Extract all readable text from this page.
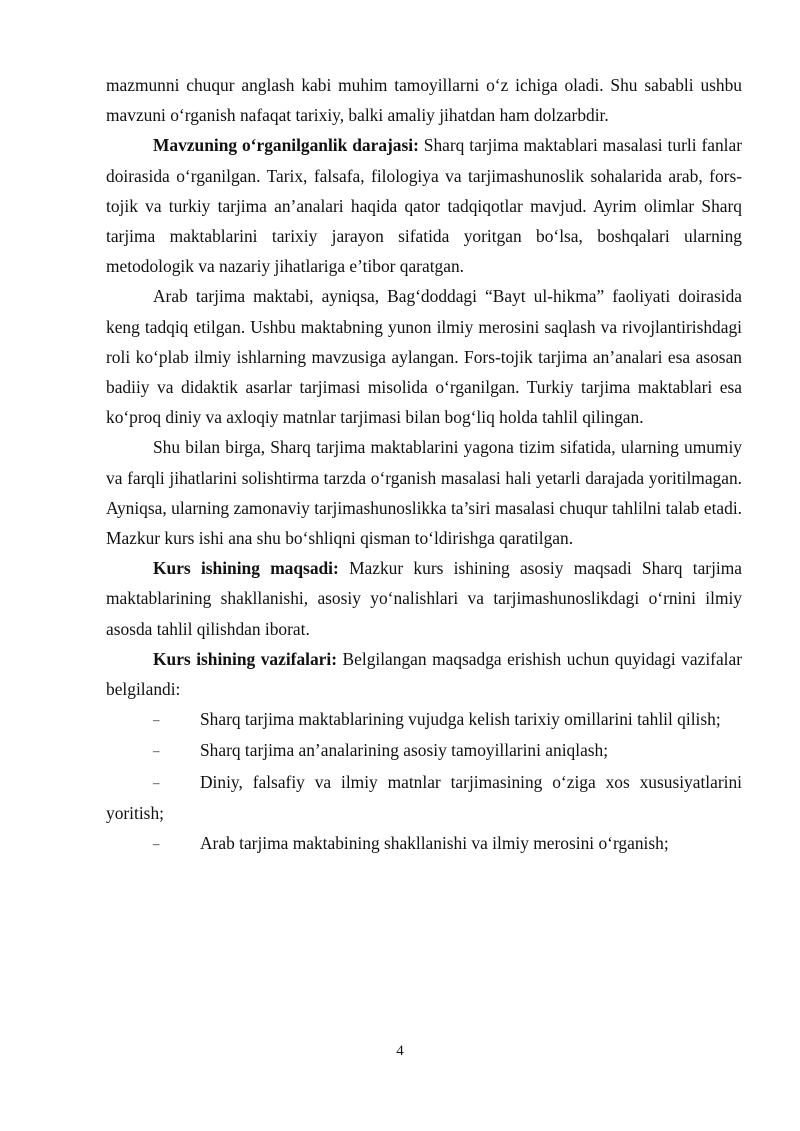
mazmunni chuqur anglash kabi muhim tamoyillarni o‘z ichiga oladi. Shu sababli ushbu mavzuni o‘rganish nafaqat tarixiy, balki amaliy jihatdan ham dolzarbdir.

Mavzuning o‘rganilganlik darajasi: Sharq tarjima maktablari masalasi turli fanlar doirasida o‘rganilgan. Tarix, falsafa, filologiya va tarjimashunoslik sohalarida arab, fors-tojik va turkiy tarjima an’analari haqida qator tadqiqotlar mavjud. Ayrim olimlar Sharq tarjima maktablarini tarixiy jarayon sifatida yoritgan bo‘lsa, boshqalari ularning metodologik va nazariy jihatlariga e’tibor qaratgan.

Arab tarjima maktabi, ayniqsa, Bag‘doddagi “Bayt ul-hikma” faoliyati doirasida keng tadqiq etilgan. Ushbu maktabning yunon ilmiy merosini saqlash va rivojlantirishdagi roli ko‘plab ilmiy ishlarning mavzusiga aylangan. Fors-tojik tarjima an’analari esa asosan badiiy va didaktik asarlar tarjimasi misolida o‘rganilgan. Turkiy tarjima maktablari esa ko‘proq diniy va axloqiy matnlar tarjimasi bilan bog‘liq holda tahlil qilingan.

Shu bilan birga, Sharq tarjima maktablarini yagona tizim sifatida, ularning umumiy va farqli jihatlarini solishtirma tarzda o‘rganish masalasi hali yetarli darajada yoritilmagan. Ayniqsa, ularning zamonaviy tarjimashunoslikka ta’siri masalasi chuqur tahlilni talab etadi. Mazkur kurs ishi ana shu bo‘shliqni qisman to‘ldirishga qaratilgan.

Kurs ishining maqsadi: Mazkur kurs ishining asosiy maqsadi Sharq tarjima maktablarining shakllanishi, asosiy yo‘nalishlari va tarjimashunoslikdagi o‘rnini ilmiy asosda tahlil qilishdan iborat.

Kurs ishining vazifalari: Belgilangan maqsadga erishish uchun quyidagi vazifalar belgilandi:

– Sharq tarjima maktablarining vujudga kelish tarixiy omillarini tahlil qilish;

– Sharq tarjima an’analarining asosiy tamoyillarini aniqlash;

– Diniy, falsafiy va ilmiy matnlar tarjimasining o‘ziga xos xususiyatlarini yoritish;

– Arab tarjima maktabining shakllanishi va ilmiy merosini o‘rganish;

4
